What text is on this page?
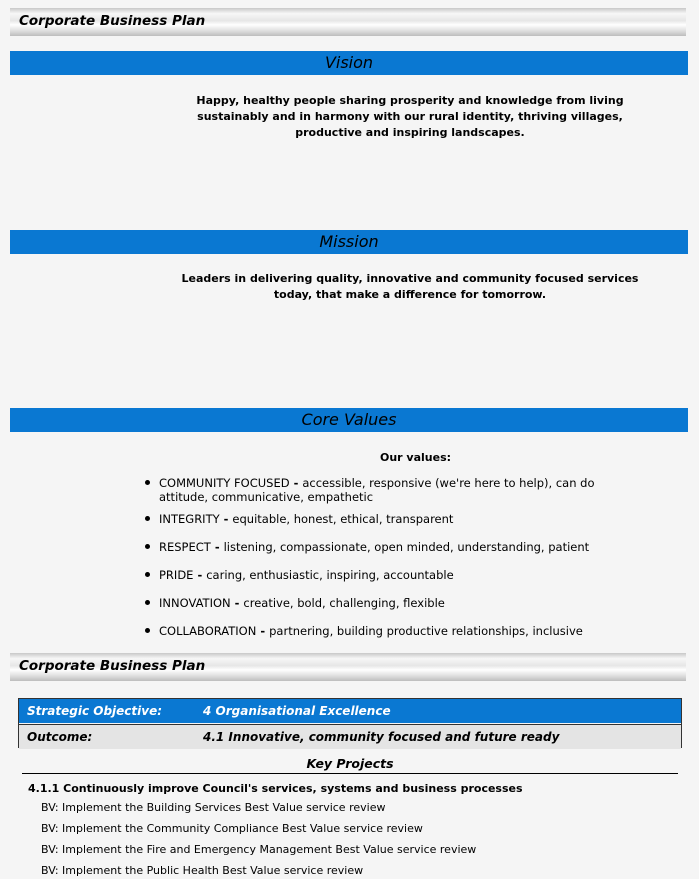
Corporate Business Plan
Vision
Happy, healthy people sharing prosperity and knowledge from living sustainably and in harmony with our rural identity, thriving villages, productive and inspiring landscapes.
Mission
Leaders in delivering quality, innovative and community focused services today, that make a difference for tomorrow.
Core Values
Our values:
COMMUNITY FOCUSED - accessible, responsive (we're here to help), can do attitude, communicative, empathetic
INTEGRITY - equitable, honest, ethical, transparent
RESPECT - listening, compassionate, open minded, understanding, patient
PRIDE - caring, enthusiastic, inspiring, accountable
INNOVATION - creative, bold, challenging, flexible
COLLABORATION - partnering, building productive relationships, inclusive
Corporate Business Plan
Strategic Objective:	4 Organisational Excellence
Outcome:	4.1 Innovative, community focused and future ready
Key Projects
4.1.1 Continuously improve Council's services, systems and business processes
BV: Implement the Building Services Best Value service review
BV: Implement the Community Compliance Best Value service review
BV: Implement the Fire and Emergency Management Best Value service review
BV: Implement the Public Health Best Value service review
